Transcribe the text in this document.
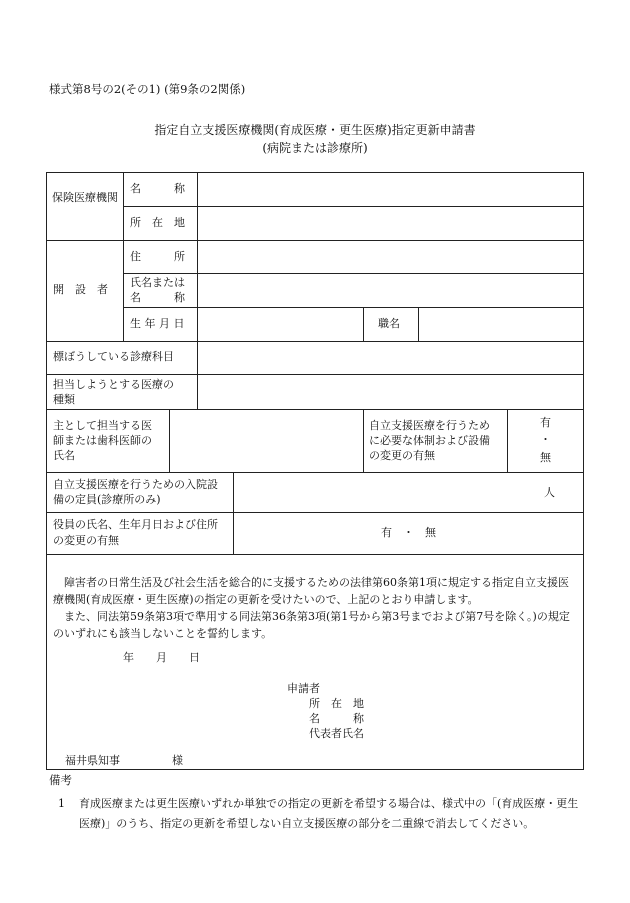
様式第8号の2(その1) (第9条の2関係)
指定自立支援医療機関(育成医療・更生医療)指定更新申請書
(病院または診療所)
保険医療機関
名　　　称
所　在　地
開　設　者
住　　　所
氏名または
名　　　称
生 年 月 日	職名
標ぼうしている診療科目
担当しようとする医療の
種類
主として担当する医
師または歯科医師の
氏名
自立支援医療を行うため
に必要な体制および設備
の変更の有無
有
・
無
自立支援医療を行うための入院設
備の定員(診療所のみ)
人
役員の氏名、生年月日および住所
の変更の有無
有　・　無
障害者の日常生活及び社会生活を総合的に支援するための法律第60条第1項に規定する指定自立支援医療機関(育成医療・更生医療)の指定の更新を受けたいので、上記のとおり申請します。
また、同法第59条第3項で準用する同法第36条第3項(第1号から第3号までおよび第7号を除く。)の規定のいずれにも該当しないことを誓約します。
年　　月　　日
申請者
所　在　地
名　　　称
代表者氏名
福井県知事	様
備考
1 育成医療または更生医療いずれか単独での指定の更新を希望する場合は、様式中の「(育成医療・更生医療)」のうち、指定の更新を希望しない自立支援医療の部分を二重線で消去してください。
